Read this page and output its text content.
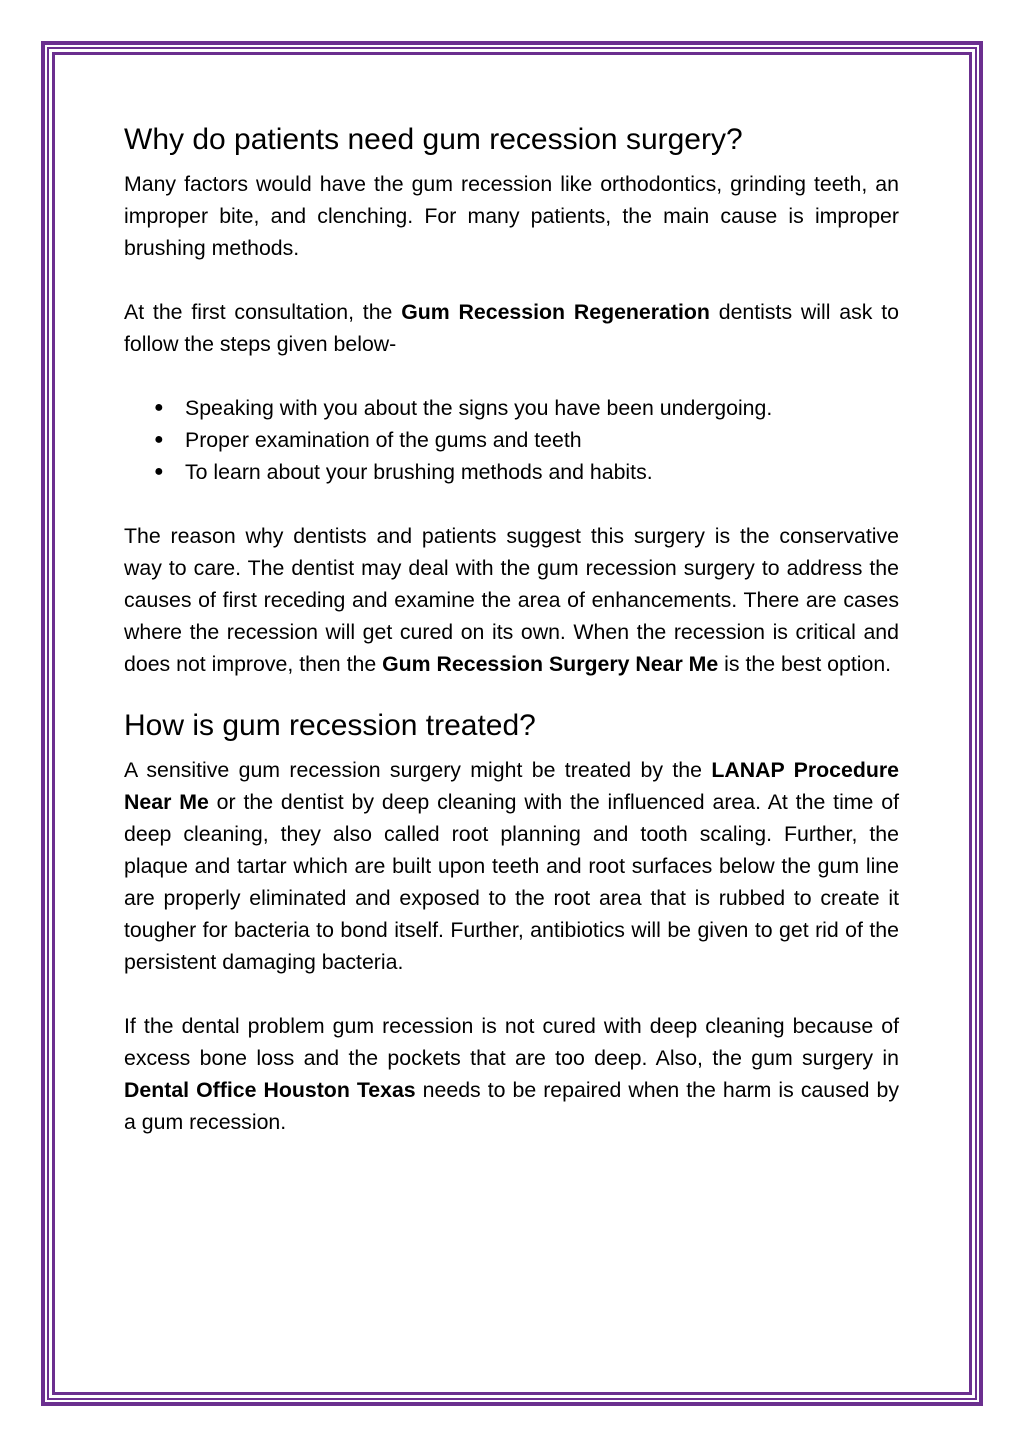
Why do patients need gum recession surgery?

Many factors would have the gum recession like orthodontics, grinding teeth, an improper bite, and clenching. For many patients, the main cause is improper brushing methods.

At the first consultation, the Gum Recession Regeneration dentists will ask to follow the steps given below-

● Speaking with you about the signs you have been undergoing.
● Proper examination of the gums and teeth
● To learn about your brushing methods and habits.

The reason why dentists and patients suggest this surgery is the conservative way to care. The dentist may deal with the gum recession surgery to address the causes of first receding and examine the area of enhancements. There are cases where the recession will get cured on its own. When the recession is critical and does not improve, then the Gum Recession Surgery Near Me is the best option.

How is gum recession treated?

A sensitive gum recession surgery might be treated by the LANAP Procedure Near Me or the dentist by deep cleaning with the influenced area. At the time of deep cleaning, they also called root planning and tooth scaling. Further, the plaque and tartar which are built upon teeth and root surfaces below the gum line are properly eliminated and exposed to the root area that is rubbed to create it tougher for bacteria to bond itself. Further, antibiotics will be given to get rid of the persistent damaging bacteria.

If the dental problem gum recession is not cured with deep cleaning because of excess bone loss and the pockets that are too deep. Also, the gum surgery in Dental Office Houston Texas needs to be repaired when the harm is caused by a gum recession.
